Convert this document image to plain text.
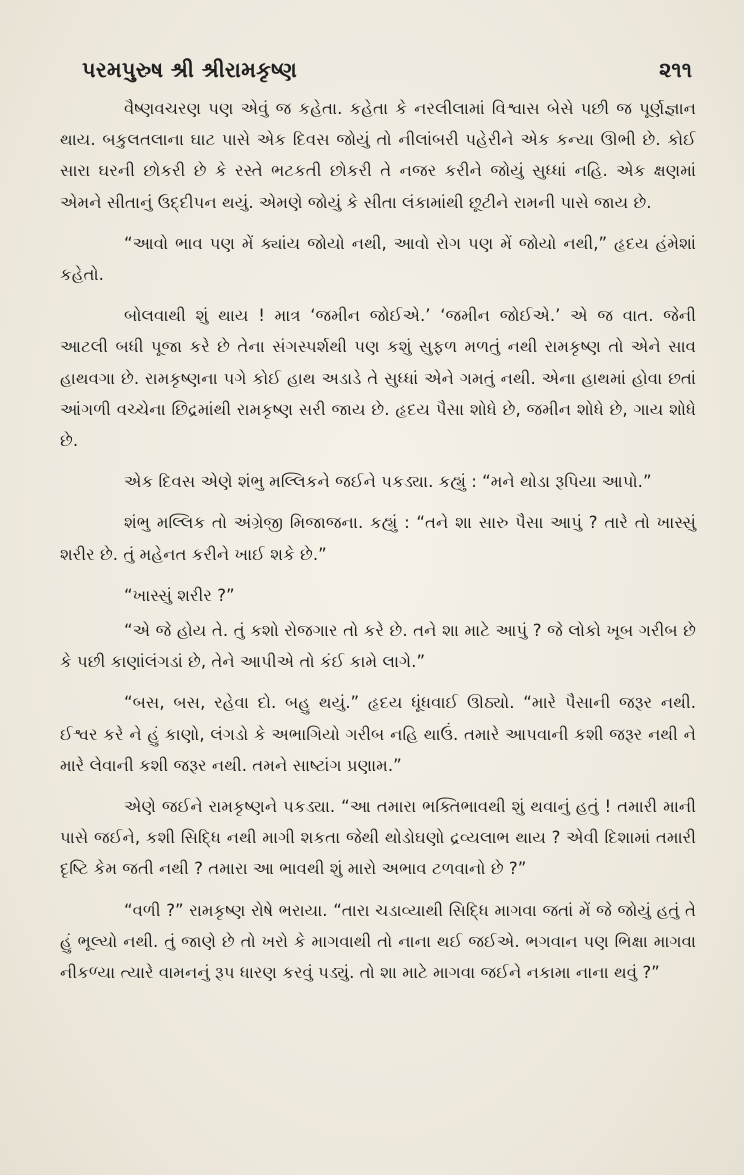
પરમપુરુષ શ્રી શ્રીરામકૃષ્ણ	૨૧૧

વૈષ્ણવચરણ પણ એવું જ કહેતા. કહેતા કે નરલીલામાં વિશ્વાસ બેસે પછી જ પૂર્ણજ્ઞાન થાય. બકુલતલાના ઘાટ પાસે એક દિવસ જોયું તો નીલાંબરી પહેરીને એક કન્યા ઊભી છે. કોઈ સારા ઘરની છોકરી છે કે રસ્તે ભટકતી છોકરી તે નજર કરીને જોયું સુધ્ધાં નહિ. એક ક્ષણમાં એમને સીતાનું ઉદ્દીપન થયું. એમણે જોયું કે સીતા લંકામાંથી છૂટીને રામની પાસે જાય છે.

“આવો ભાવ પણ મેં ક્યાંય જોયો નથી, આવો રોગ પણ મેં જોયો નથી,” હૃદય હંમેશાં કહેતો.

બોલવાથી શું થાય ! માત્ર ‘જમીન જોઈએ.’ ‘જમીન જોઈએ.’ એ જ વાત. જેની આટલી બધી પૂજા કરે છે તેના સંગસ્પર્શથી પણ કશું સુફળ મળતું નથી રામકૃષ્ણ તો એને સાવ હાથવગા છે. રામકૃષ્ણના પગે કોઈ હાથ અડાડે તે સુધ્ધાં એને ગમતું નથી. એના હાથમાં હોવા છતાં આંગળી વચ્ચેના છિદ્રમાંથી રામકૃષ્ણ સરી જાય છે. હૃદય પૈસા શોધે છે, જમીન શોધે છે, ગાય શોધે છે.

એક દિવસ એણે શંભુ મલ્લિકને જઈને પકડ્યા. કહ્યું : “મને થોડા રૂપિયા આપો.”

શંભુ મલ્લિક તો અંગ્રેજી મિજાજના. કહ્યું : “તને શા સારુ પૈસા આપું ? તારે તો ખાસ્સું શરીર છે. તું મહેનત કરીને ખાઈ શકે છે.”

“ખાસ્સું શરીર ?”

“એ જે હોય તે. તું કશો રોજગાર તો કરે છે. તને શા માટે આપું ? જે લોકો ખૂબ ગરીબ છે કે પછી કાણાંલંગડાં છે, તેને આપીએ તો કંઈ કામે લાગે.”

“બસ, બસ, રહેવા દો. બહુ થયું.” હૃદય ધૂંધવાઈ ઊઠ્યો. “મારે પૈસાની જરૂર નથી. ઈશ્વર કરે ને હું કાણો, લંગડો કે અભાગિયો ગરીબ નહિ થાઉં. તમારે આપવાની કશી જરૂર નથી ને મારે લેવાની કશી જરૂર નથી. તમને સાષ્ટાંગ પ્રણામ.”

એણે જઈને રામકૃષ્ણને પકડ્યા. “આ તમારા ભક્તિભાવથી શું થવાનું હતું ! તમારી માની પાસે જઈને, કશી સિદ્ધિ નથી માગી શકતા જેથી થોડોઘણો દ્રવ્યલાભ થાય ? એવી દિશામાં તમારી દૃષ્ટિ કેમ જતી નથી ? તમારા આ ભાવથી શું મારો અભાવ ટળવાનો છે ?”

“વળી ?” રામકૃષ્ણ રોષે ભરાયા. “તારા ચડાવ્યાથી સિદ્ધિ માગવા જતાં મેં જે જોયું હતું તે હું ભૂલ્યો નથી. તું જાણે છે તો ખરો કે માગવાથી તો નાના થઈ જઈએ. ભગવાન પણ ભિક્ષા માગવા નીકળ્યા ત્યારે વામનનું રૂપ ધારણ કરવું પડ્યું. તો શા માટે માગવા જઈને નકામા નાના થવું ?”
